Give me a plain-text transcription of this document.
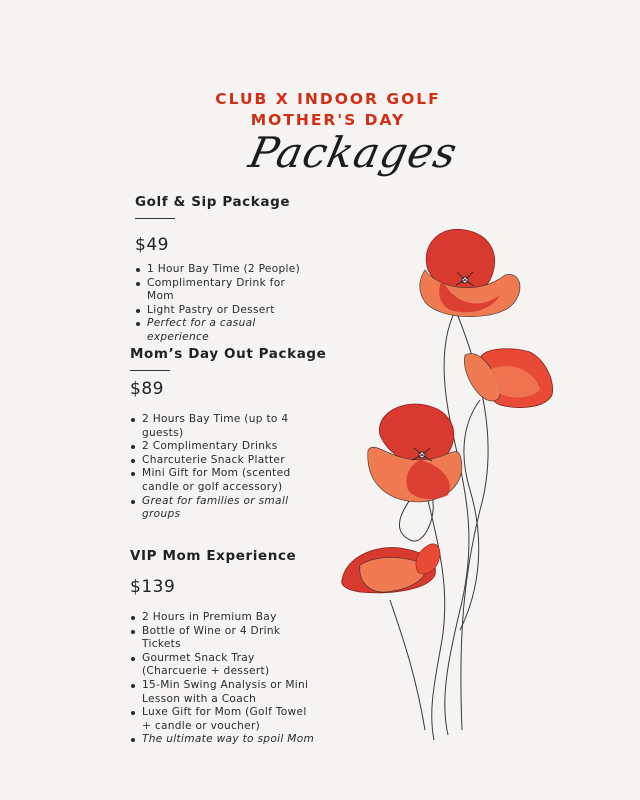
CLUB X INDOOR GOLF
MOTHER'S DAY
Packages
Golf & Sip Package
$49
1 Hour Bay Time (2 People)
Complimentary Drink for Mom
Light Pastry or Dessert
Perfect for a casual experience
Mom’s Day Out Package
$89
2 Hours Bay Time (up to 4 guests)
2 Complimentary Drinks
Charcuterie Snack Platter
Mini Gift for Mom (scented candle or golf accessory)
Great for families or small groups
VIP Mom Experience
$139
2 Hours in Premium Bay
Bottle of Wine or 4 Drink Tickets
Gourmet Snack Tray (Charcuerie + dessert)
15-Min Swing Analysis or Mini Lesson with a Coach
Luxe Gift for Mom (Golf Towel + candle or voucher)
The ultimate way to spoil Mom
